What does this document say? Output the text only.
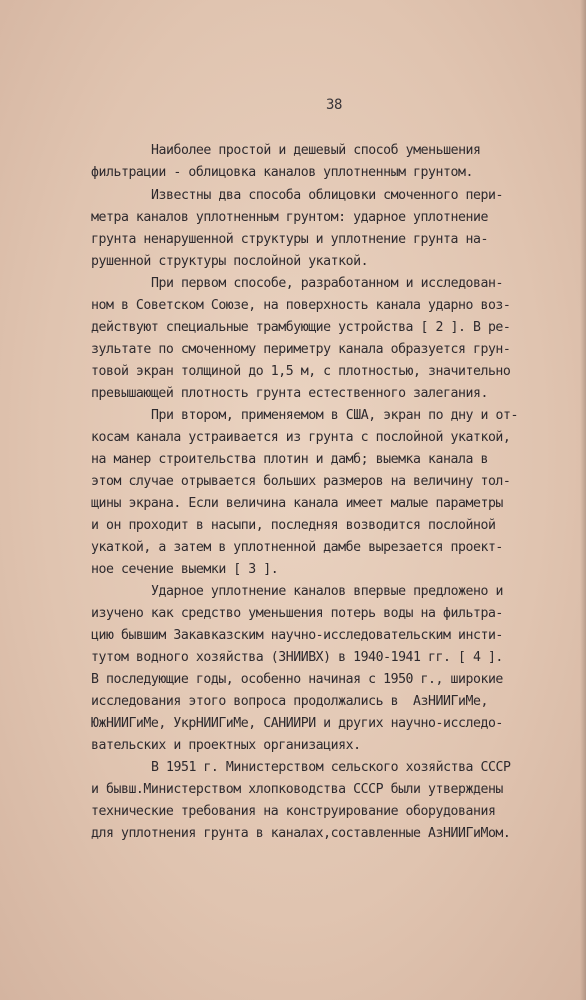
38
Наиболее простой и дешевый способ уменьшения
фильтрации - облицовка каналов уплотненным грунтом.
Известны два способа облицовки смоченного пери-
метра каналов уплотненным грунтом: ударное уплотнение
грунта ненарушенной структуры и уплотнение грунта на-
рушенной структуры послойной укаткой.
При первом способе, разработанном и исследован-
ном в Советском Союзе, на поверхность канала ударно воз-
действуют специальные трамбующие устройства [ 2 ]. В ре-
зультате по смоченному периметру канала образуется грун-
товой экран толщиной до 1,5 м, с плотностью, значительно
превышающей плотность грунта естественного залегания.
При втором, применяемом в США, экран по дну и от-
косам канала устраивается из грунта с послойной укаткой,
на манер строительства плотин и дамб; выемка канала в
этом случае отрывается больших размеров на величину тол-
щины экрана. Если величина канала имеет малые параметры
и он проходит в насыпи, последняя возводится послойной
укаткой, а затем в уплотненной дамбе вырезается проект-
ное сечение выемки [ 3 ].
Ударное уплотнение каналов впервые предложено и
изучено как средство уменьшения потерь воды на фильтра-
цию бывшим Закавказским научно-исследовательским инсти-
тутом водного хозяйства (ЗНИИВХ) в 1940-1941 гг. [ 4 ].
В последующие годы, особенно начиная с 1950 г., широкие
исследования этого вопроса продолжались в  АзНИИГиМе,
ЮжНИИГиМе, УкрНИИГиМе, САНИИРИ и других научно-исследо-
вательских и проектных организациях.
В 1951 г. Министерством сельского хозяйства СССР
и бывш.Министерством хлопководства СССР были утверждены
технические требования на конструирование оборудования
для уплотнения грунта в каналах,составленные АзНИИГиМом.
